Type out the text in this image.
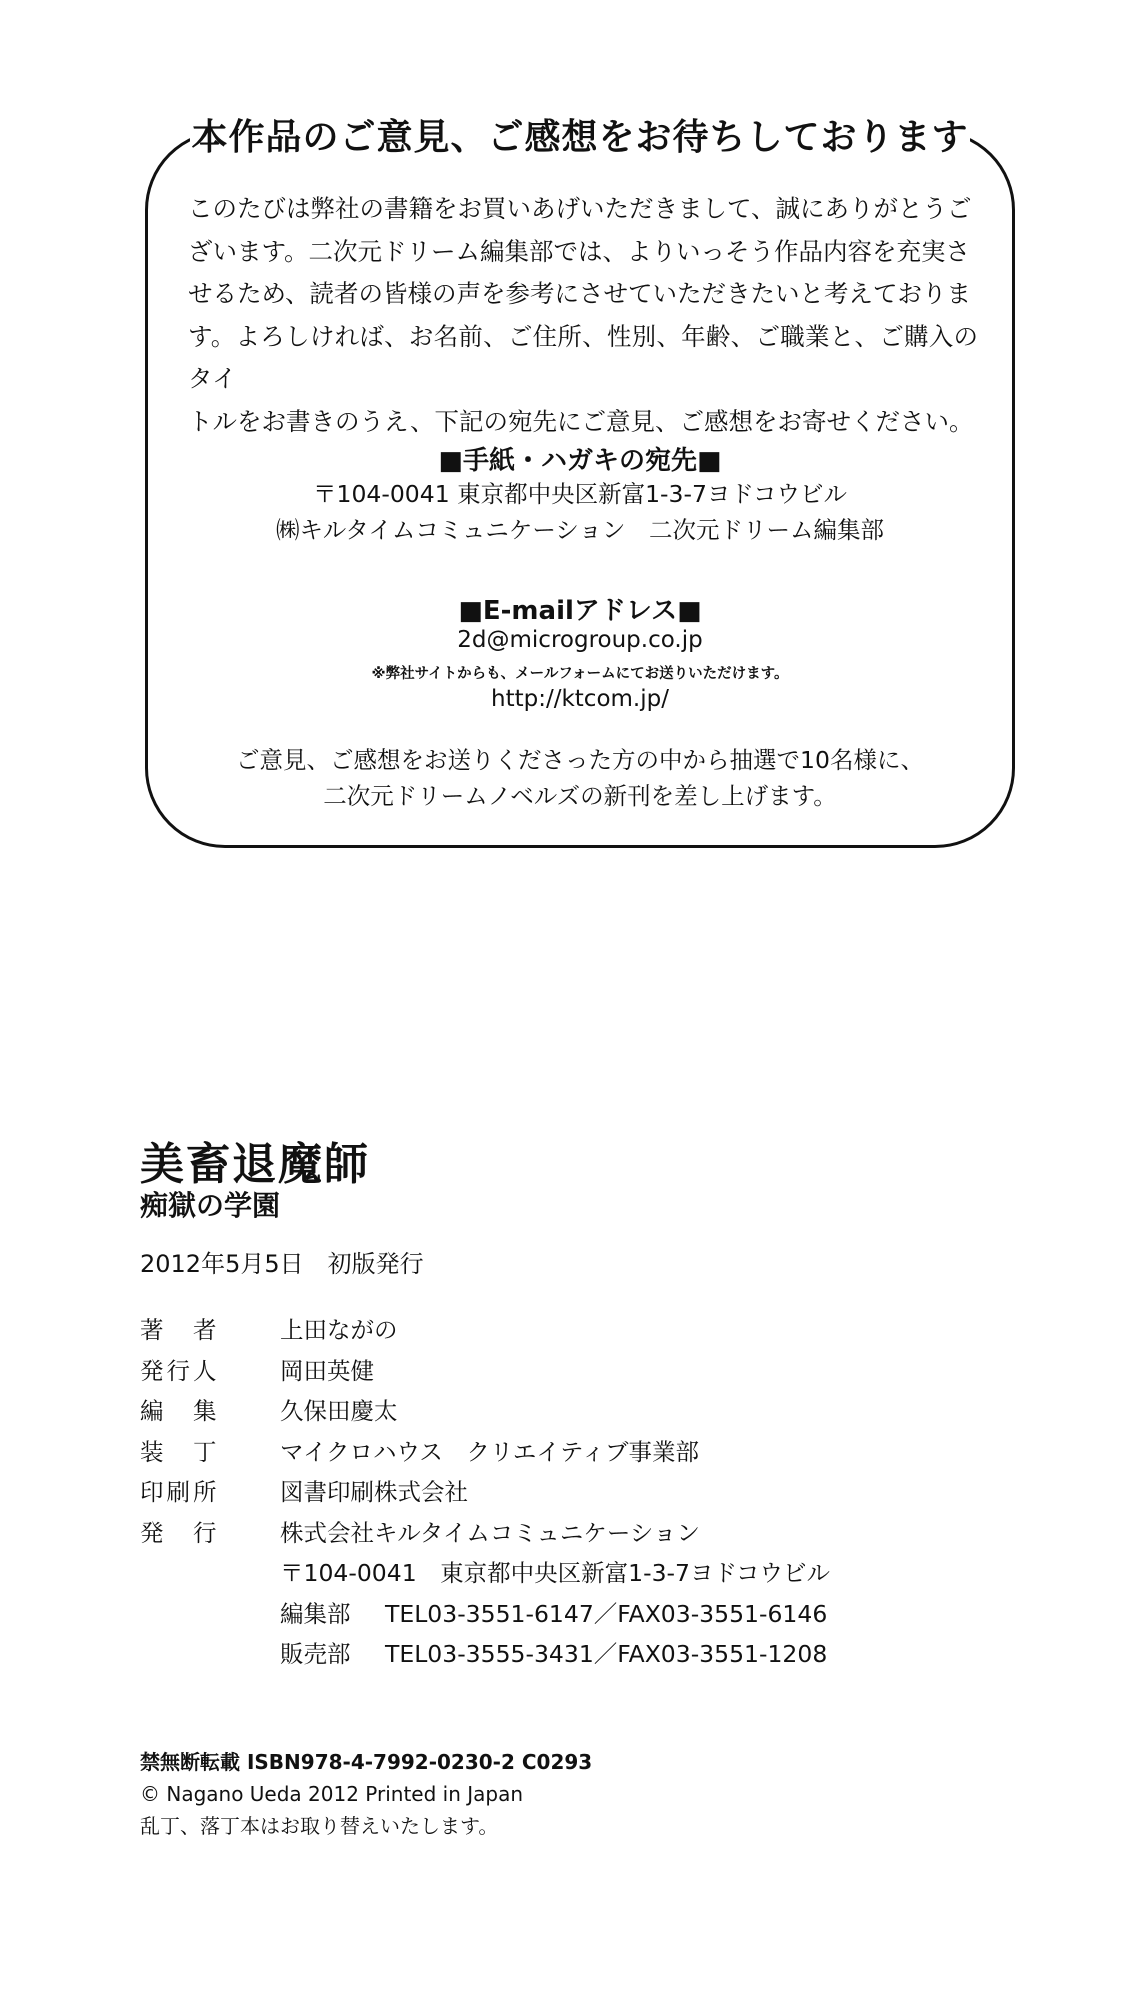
本作品のご意見、ご感想をお待ちしております

このたびは弊社の書籍をお買いあげいただきまして、誠にありがとうご

ざいます。二次元ドリーム編集部では、よりいっそう作品内容を充実さ

せるため、読者の皆様の声を参考にさせていただきたいと考えておりま

す。よろしければ、お名前、ご住所、性別、年齢、ご職業と、ご購入のタイ

トルをお書きのうえ、下記の宛先にご意見、ご感想をお寄せください。

■手紙・ハガキの宛先■
〒104-0041 東京都中央区新富1-3-7ヨドコウビル
㈱キルタイムコミュニケーション　二次元ドリーム編集部
■E-mailアドレス■
2d@microgroup.co.jp
※弊社サイトからも、メールフォームにてお送りいただけます。
http://ktcom.jp/
ご意見、ご感想をお送りくださった方の中から抽選で10名様に、
二次元ドリームノベルズの新刊を差し上げます。
美畜退魔師
痴獄の学園
2012年5月5日　初版発行
著　者	上田ながの
発行人	岡田英健
編　集	久保田慶太
装　丁	マイクロハウス　クリエイティブ事業部
印刷所	図書印刷株式会社
発　行	株式会社キルタイムコミュニケーション
〒104-0041　東京都中央区新富1-3-7ヨドコウビル
編集部 TEL03-3551-6147／FAX03-3551-6146
販売部 TEL03-3555-3431／FAX03-3551-1208
禁無断転載 ISBN978-4-7992-0230-2 C0293
© Nagano Ueda 2012 Printed in Japan
乱丁、落丁本はお取り替えいたします。
